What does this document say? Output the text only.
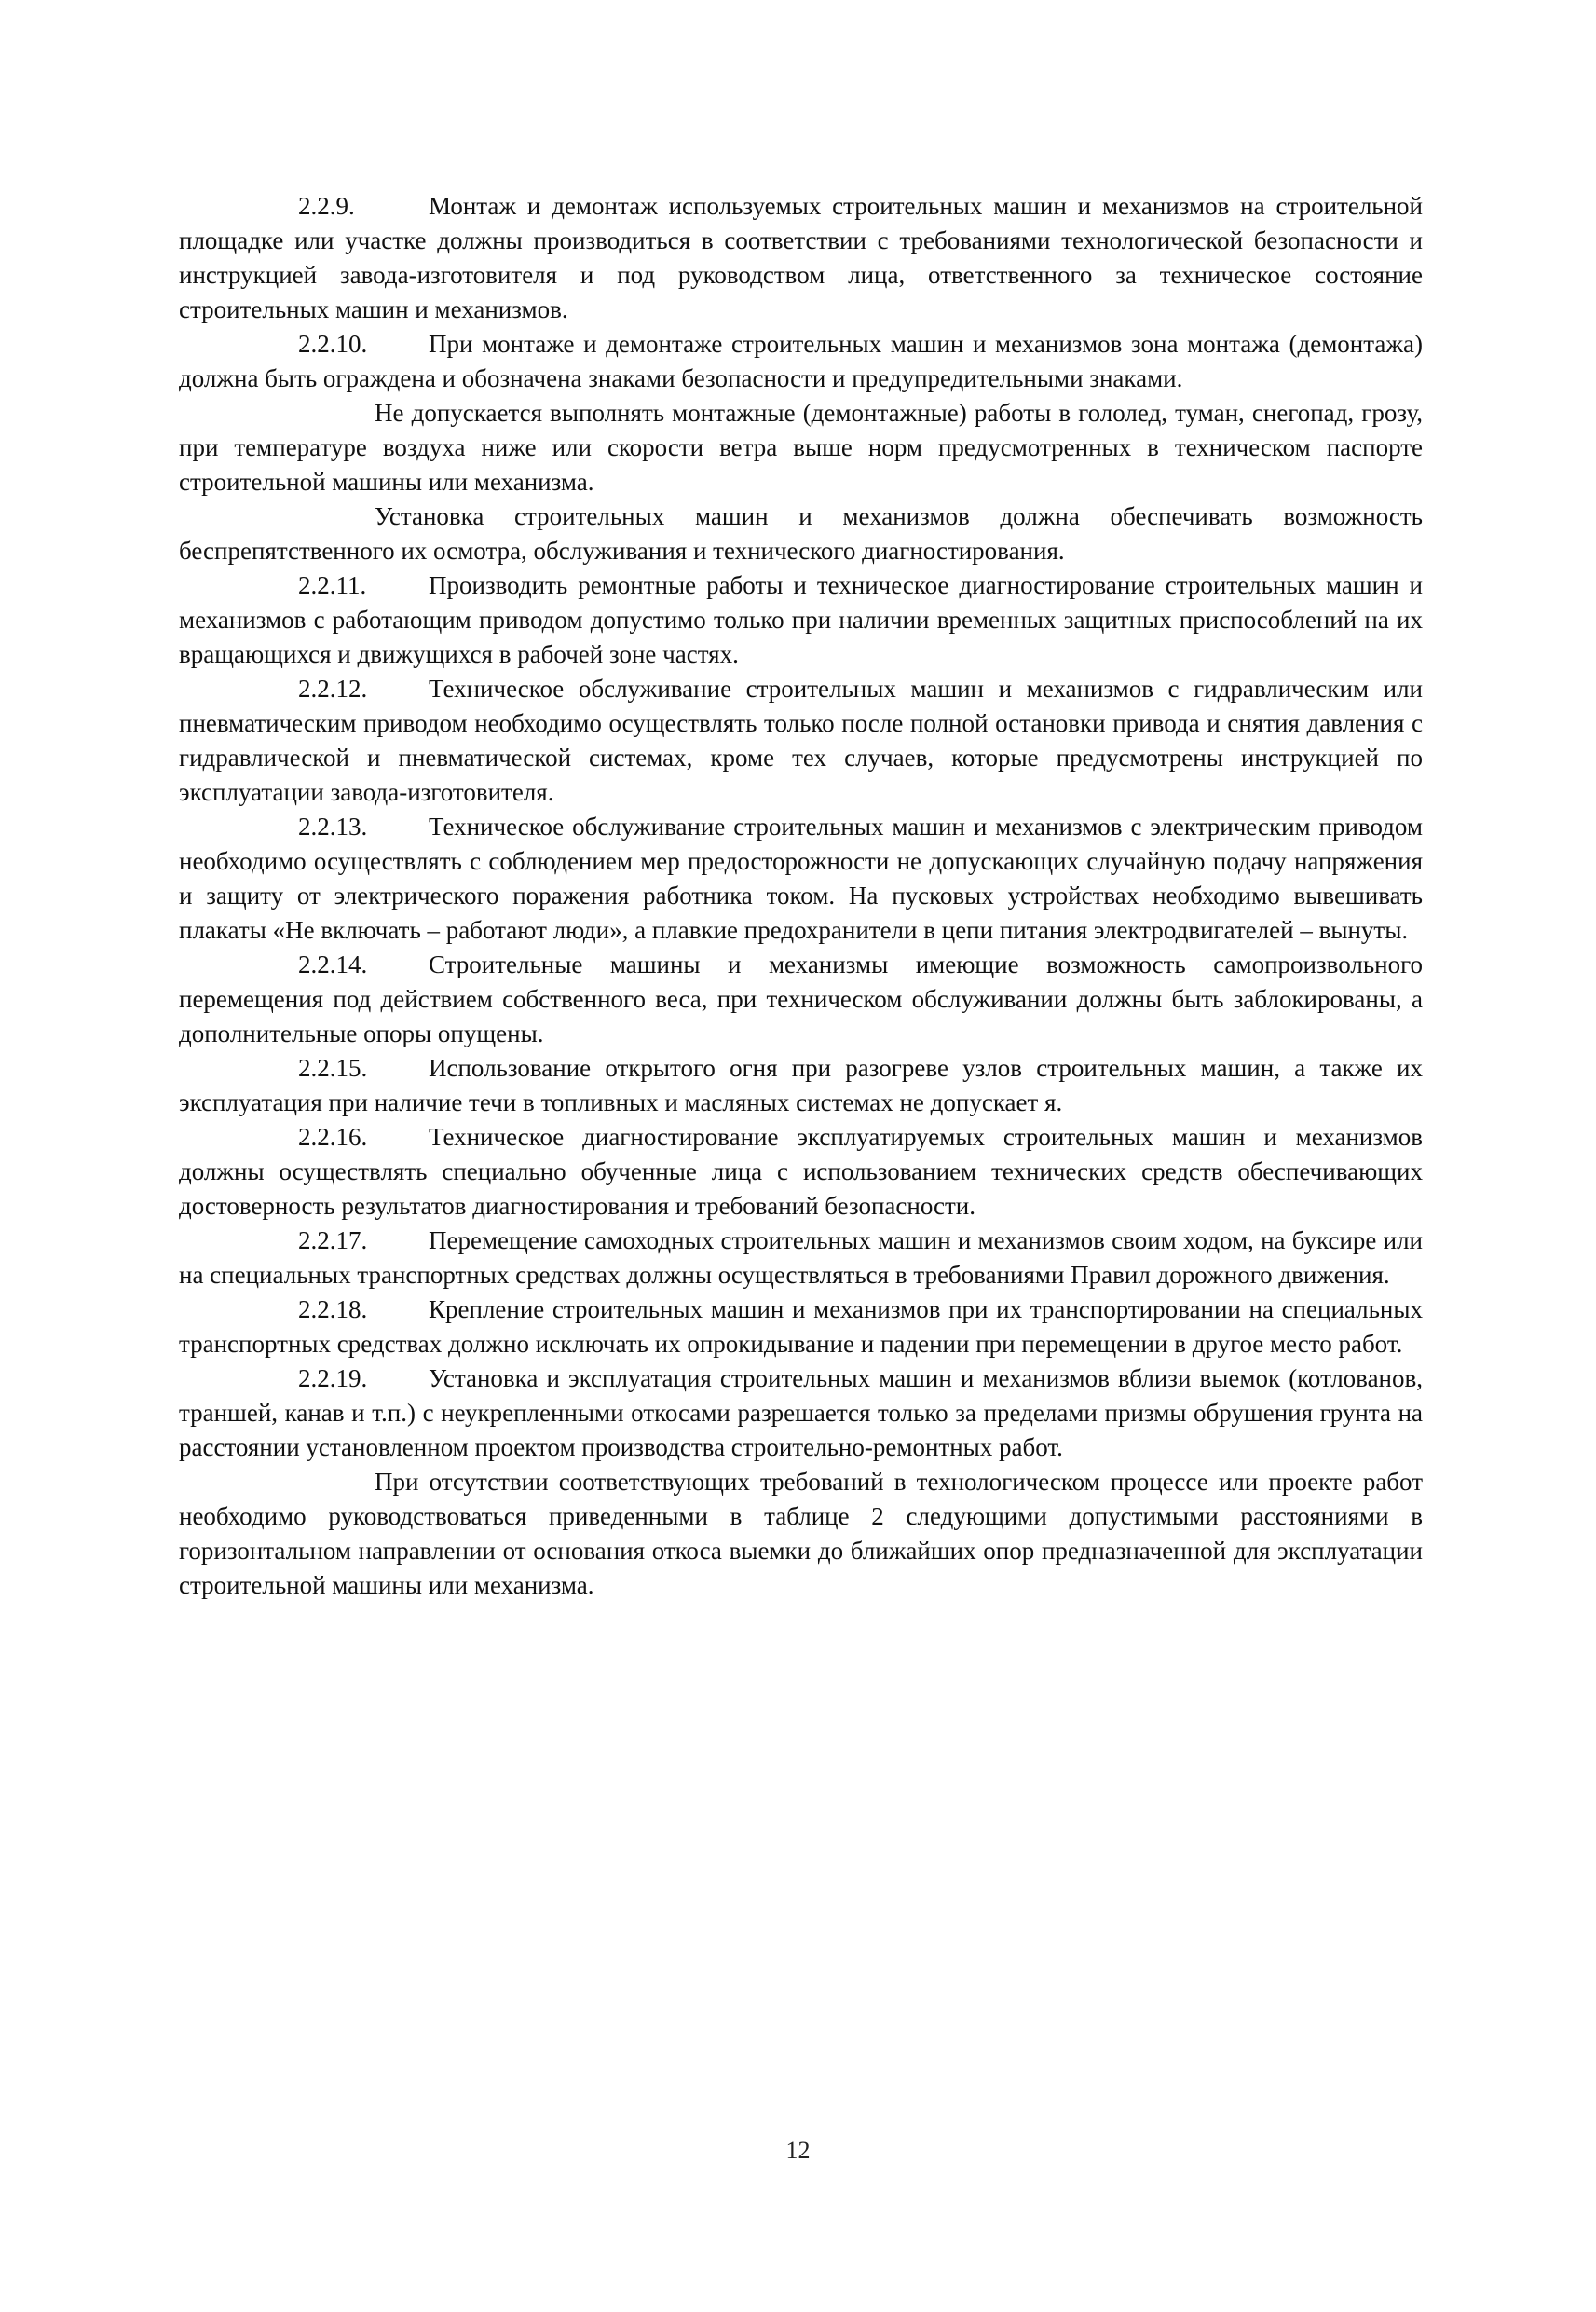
2.2.9.	Монтаж и демонтаж используемых строительных машин и механизмов на строительной площадке или участке должны производиться в соответствии с требованиями технологической безопасности и инструкцией завода-изготовителя и под руководством лица, ответственного за техническое состояние строительных машин и механизмов.

2.2.10. При монтаже и демонтаже строительных машин и механизмов зона монтажа (демонтажа) должна быть ограждена и обозначена знаками безопасности и предупредительными знаками.

Не допускается выполнять монтажные (демонтажные) работы в гололед, туман, снегопад, грозу, при температуре воздуха ниже или скорости ветра выше норм предусмотренных в техническом паспорте строительной машины или механизма.

Установка строительных машин и механизмов должна обеспечивать возможность беспрепятственного их осмотра, обслуживания и технического диагностирования.

2.2.11. Производить ремонтные работы и техническое диагностирование строительных машин и механизмов с работающим приводом допустимо только при наличии временных защитных приспособлений на их вращающихся и движущихся в рабочей зоне частях.

2.2.12. Техническое обслуживание строительных машин и механизмов с гидравлическим или пневматическим приводом необходимо осуществлять только после полной остановки привода и снятия давления с гидравлической и пневматической системах, кроме тех случаев, которые предусмотрены инструкцией по эксплуатации завода-изготовителя.

2.2.13. Техническое обслуживание строительных машин и механизмов с электрическим приводом необходимо осуществлять с соблюдением мер предосторожности не допускающих случайную подачу напряжения и защиту от электрического поражения работника током. На пусковых устройствах необходимо вывешивать плакаты «Не включать – работают люди», а плавкие предохранители в цепи питания электродвигателей – вынуты.

2.2.14. Строительные машины и механизмы имеющие возможность самопроизвольного перемещения под действием собственного веса, при техническом обслуживании должны быть заблокированы, а дополнительные опоры опущены.

2.2.15. Использование открытого огня при разогреве узлов строительных машин, а также их эксплуатация при наличие течи в топливных и масляных системах не допускает я.

2.2.16. Техническое диагностирование эксплуатируемых строительных машин и механизмов должны осуществлять специально обученные лица с использованием технических средств обеспечивающих достоверность результатов диагностирования и требований безопасности.

2.2.17. Перемещение самоходных строительных машин и механизмов своим ходом, на буксире или на специальных транспортных средствах должны осуществляться в требованиями Правил дорожного движения.

2.2.18. Крепление строительных машин и механизмов при их транспортировании на специальных транспортных средствах должно исключать их опрокидывание и падении при перемещении в другое место работ.

2.2.19. Установка и эксплуатация строительных машин и механизмов вблизи выемок (котлованов, траншей, канав и т.п.) с неукрепленными откосами разрешается только за пределами призмы обрушения грунта на расстоянии установленном проектом производства строительно-ремонтных работ.

При отсутствии соответствующих требований в технологическом процессе или проекте работ необходимо руководствоваться приведенными в таблице 2 следующими допустимыми расстояниями в горизонтальном направлении от основания откоса выемки до ближайших опор предназначенной для эксплуатации строительной машины или механизма.

12
